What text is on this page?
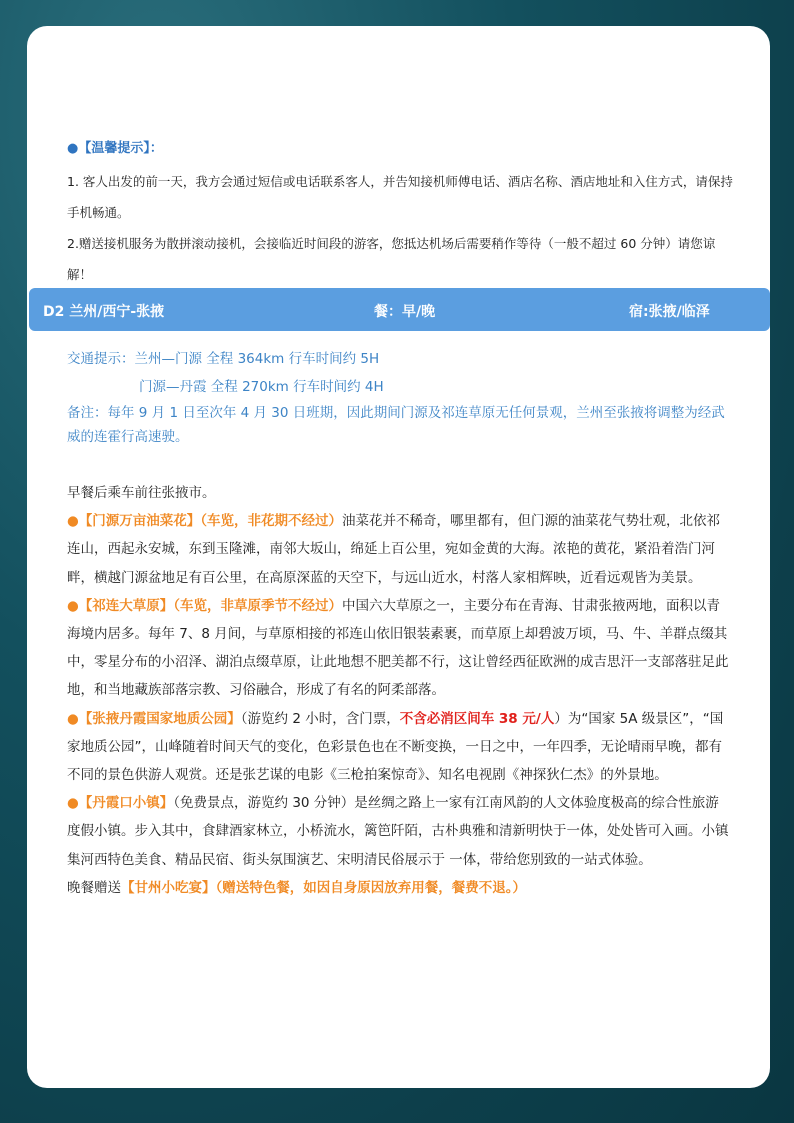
●【温馨提示】：

1. 客人出发的前一天，我方会通过短信或电话联系客人，并告知接机师傅电话、酒店名称、酒店地址和入住方式，请保持手机畅通。

2.赠送接机服务为散拼滚动接机，会接临近时间段的游客，您抵达机场后需要稍作等待（一般不超过 60 分钟）请您谅解！

D2 兰州/西宁-张掖	餐：早/晚	宿:张掖/临泽
交通提示：兰州—门源 全程 364km 行车时间约 5H
门源—丹霞 全程 270km 行车时间约 4H
备注：每年 9 月 1 日至次年 4 月 30 日班期，因此期间门源及祁连草原无任何景观，兰州至张掖将调整为经武威的连霍行高速驶。

早餐后乘车前往张掖市。

●【门源万亩油菜花】（车览，非花期不经过）油菜花并不稀奇，哪里都有，但门源的油菜花气势壮观，北依祁连山，西起永安城，东到玉隆滩，南邻大坂山，绵延上百公里，宛如金黄的大海。浓艳的黄花，紧沿着浩门河畔，横越门源盆地足有百公里，在高原深蓝的天空下，与远山近水，村落人家相辉映，近看远观皆为美景。

●【祁连大草原】（车览，非草原季节不经过）中国六大草原之一，主要分布在青海、甘肃张掖两地，面积以青海境内居多。每年 7、8 月间，与草原相接的祁连山依旧银装素裹，而草原上却碧波万顷，马、牛、羊群点缀其中，零星分布的小沼泽、湖泊点缀草原，让此地想不肥美都不行，这让曾经西征欧洲的成吉思汗一支部落驻足此地，和当地藏族部落宗教、习俗融合，形成了有名的阿柔部落。

●【张掖丹霞国家地质公园】（游览约 2 小时，含门票，不含必消区间车 38 元/人）为“国家 5A 级景区”，“国家地质公园”，山峰随着时间天气的变化，色彩景色也在不断变换，一日之中，一年四季，无论晴雨早晚，都有不同的景色供游人观赏。还是张艺谋的电影《三枪拍案惊奇》、知名电视剧《神探狄仁杰》的外景地。

●【丹霞口小镇】（免费景点，游览约 30 分钟）是丝绸之路上一家有江南风韵的人文体验度极高的综合性旅游度假小镇。步入其中，食肆酒家林立，小桥流水，篱笆阡陌，古朴典雅和清新明快于一体，处处皆可入画。小镇集河西特色美食、精品民宿、街头氛围演艺、宋明清民俗展示于 一体，带给您别致的一站式体验。

晚餐赠送【甘州小吃宴】（赠送特色餐，如因自身原因放弃用餐，餐费不退。）
